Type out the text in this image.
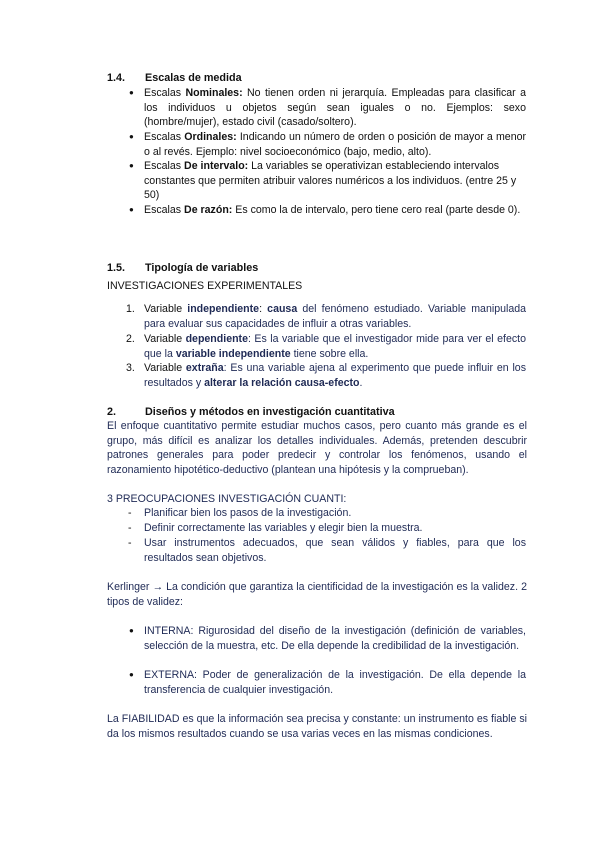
1.4. Escalas de medida
● Escalas Nominales: No tienen orden ni jerarquía. Empleadas para clasificar a los individuos u objetos según sean iguales o no. Ejemplos: sexo (hombre/mujer), estado civil (casado/soltero).
● Escalas Ordinales: Indicando un número de orden o posición de mayor a menor o al revés. Ejemplo: nivel socioeconómico (bajo, medio, alto).
● Escalas De intervalo: La variables se operativizan estableciendo intervalos constantes que permiten atribuir valores numéricos a los individuos. (entre 25 y 50)
● Escalas De razón: Es como la de intervalo, pero tiene cero real (parte desde 0).
1.5. Tipología de variables
INVESTIGACIONES EXPERIMENTALES
1. Variable independiente: causa del fenómeno estudiado. Variable manipulada para evaluar sus capacidades de influir a otras variables.
2. Variable dependiente: Es la variable que el investigador mide para ver el efecto que la variable independiente tiene sobre ella.
3. Variable extraña: Es una variable ajena al experimento que puede influir en los resultados y alterar la relación causa-efecto.
2.	Diseños y métodos en investigación cuantitativa
El enfoque cuantitativo permite estudiar muchos casos, pero cuanto más grande es el grupo, más difícil es analizar los detalles individuales. Además, pretenden descubrir patrones generales para poder predecir y controlar los fenómenos, usando el razonamiento hipotético-deductivo (plantean una hipótesis y la comprueban).
3 PREOCUPACIONES INVESTIGACIÓN CUANTI:
- Planificar bien los pasos de la investigación.
- Definir correctamente las variables y elegir bien la muestra.
- Usar instrumentos adecuados, que sean válidos y fiables, para que los resultados sean objetivos.
Kerlinger → La condición que garantiza la cientificidad de la investigación es la validez. 2 tipos de validez:
● INTERNA: Rigurosidad del diseño de la investigación (definición de variables, selección de la muestra, etc. De ella depende la credibilidad de la investigación.
● EXTERNA: Poder de generalización de la investigación. De ella depende la transferencia de cualquier investigación.
La FIABILIDAD es que la información sea precisa y constante: un instrumento es fiable si da los mismos resultados cuando se usa varias veces en las mismas condiciones.
